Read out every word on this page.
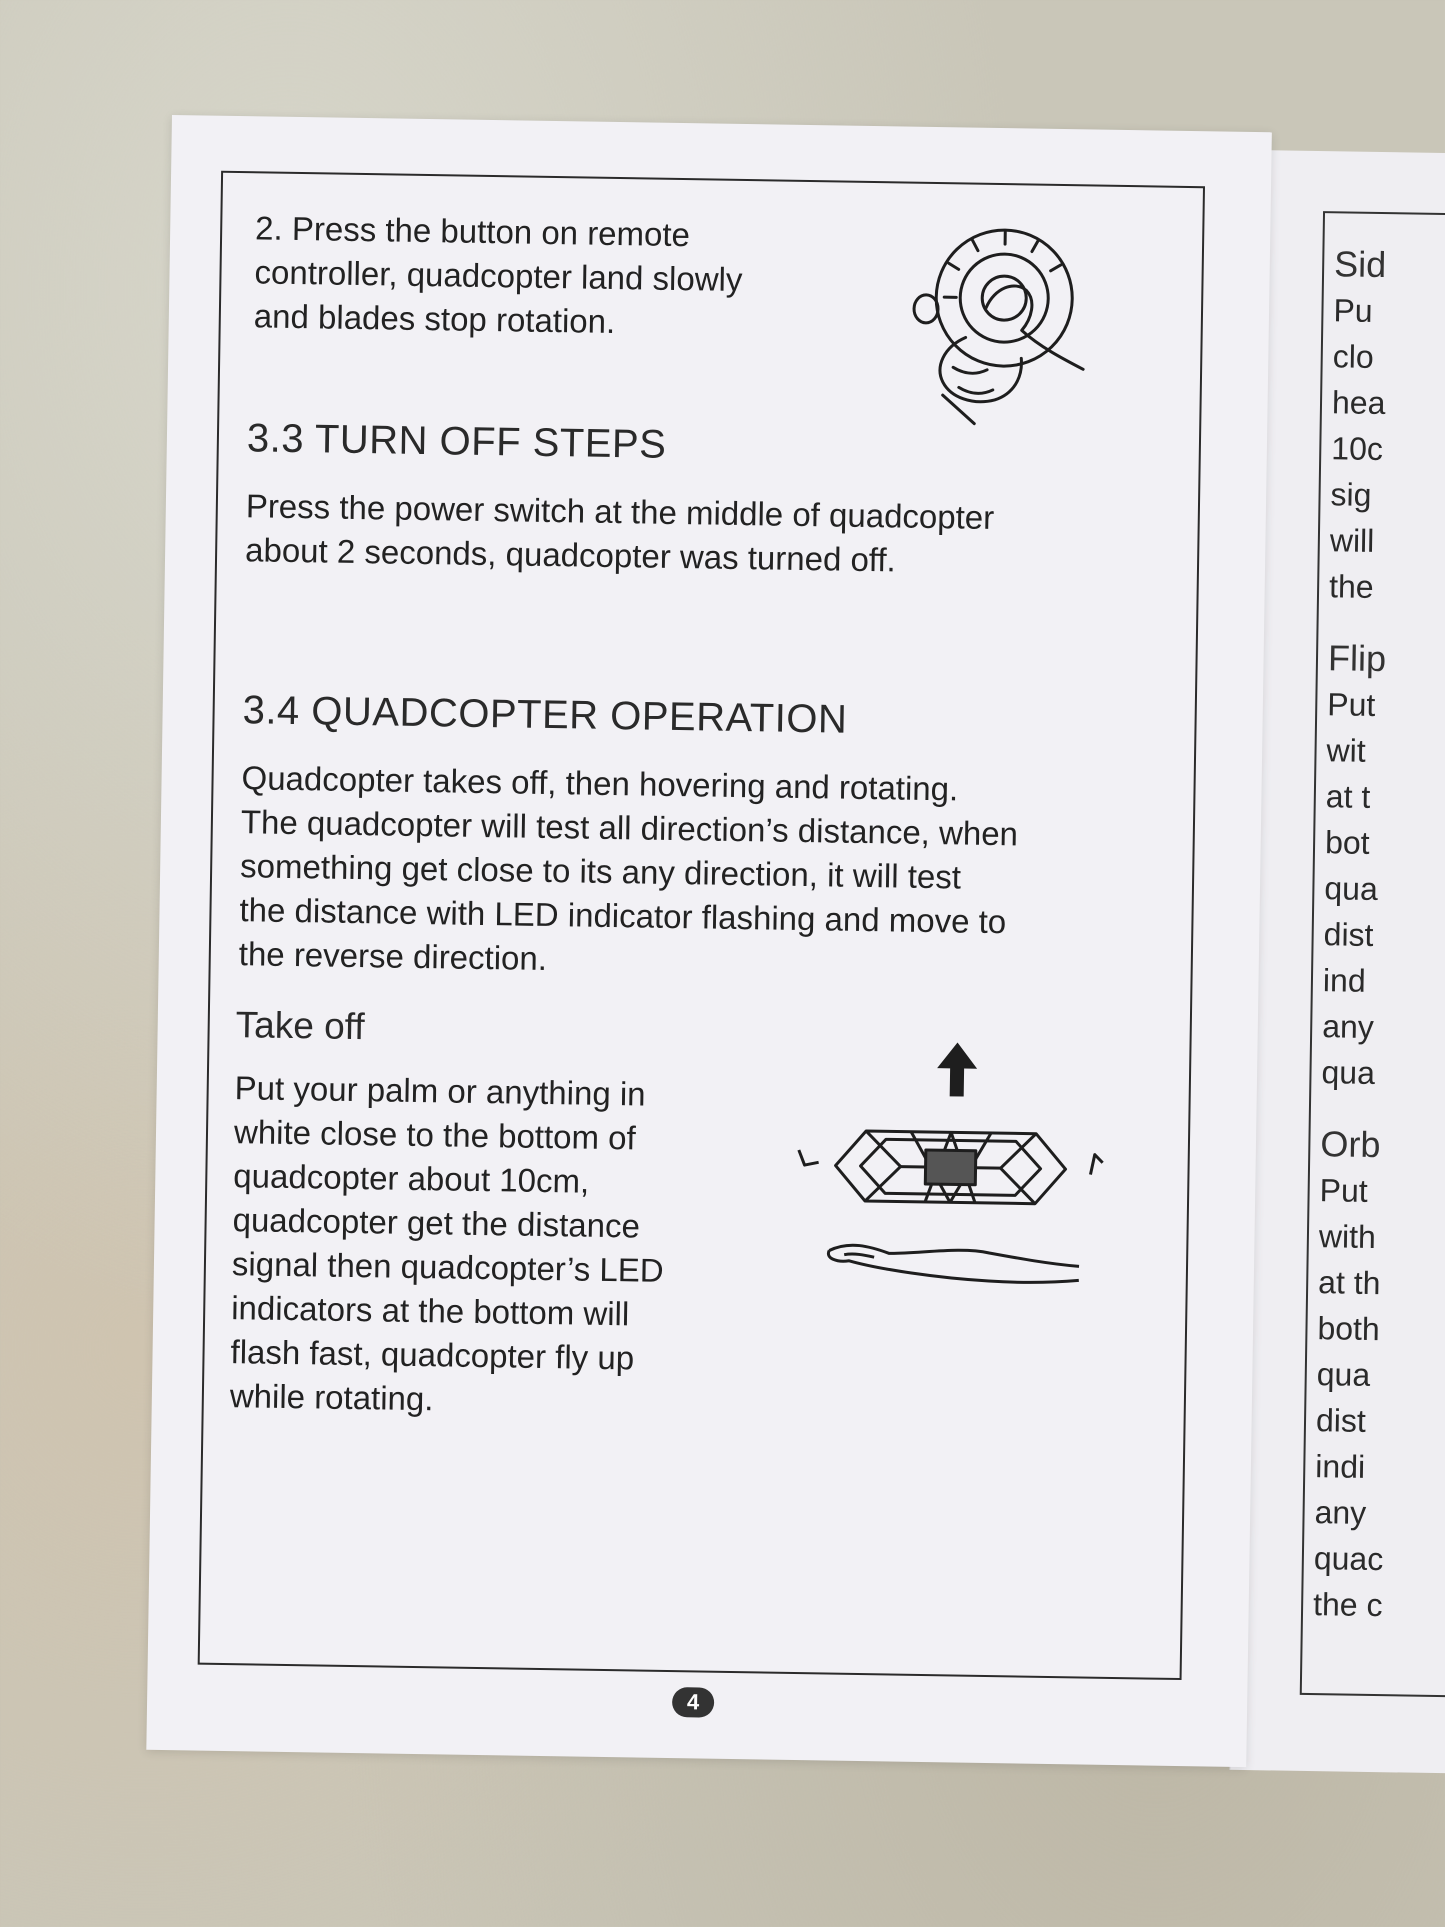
Sid
Pu
clo
hea
10c
sig
will
the
Flip
Put
wit
at t
bot
qua
dist
ind
any
qua
Orb
Put
with
at th
both
qua
dist
indi
any
quac
the c
2. Press the button on remote
controller, quadcopter land slowly
and blades stop rotation.
3.3 TURN OFF STEPS
Press the power switch at the middle of quadcopter
about 2 seconds, quadcopter was turned off.
3.4 QUADCOPTER OPERATION
Quadcopter takes off, then hovering and rotating.
The quadcopter will test all direction’s distance, when
something get close to its any direction, it will test
the distance with LED indicator flashing and move to
the reverse direction.
Take off
Put your palm or anything in
white close to the bottom of
quadcopter about 10cm,
quadcopter get the distance
signal then quadcopter’s LED
indicators at the bottom will
flash fast, quadcopter fly up
while rotating.
4
